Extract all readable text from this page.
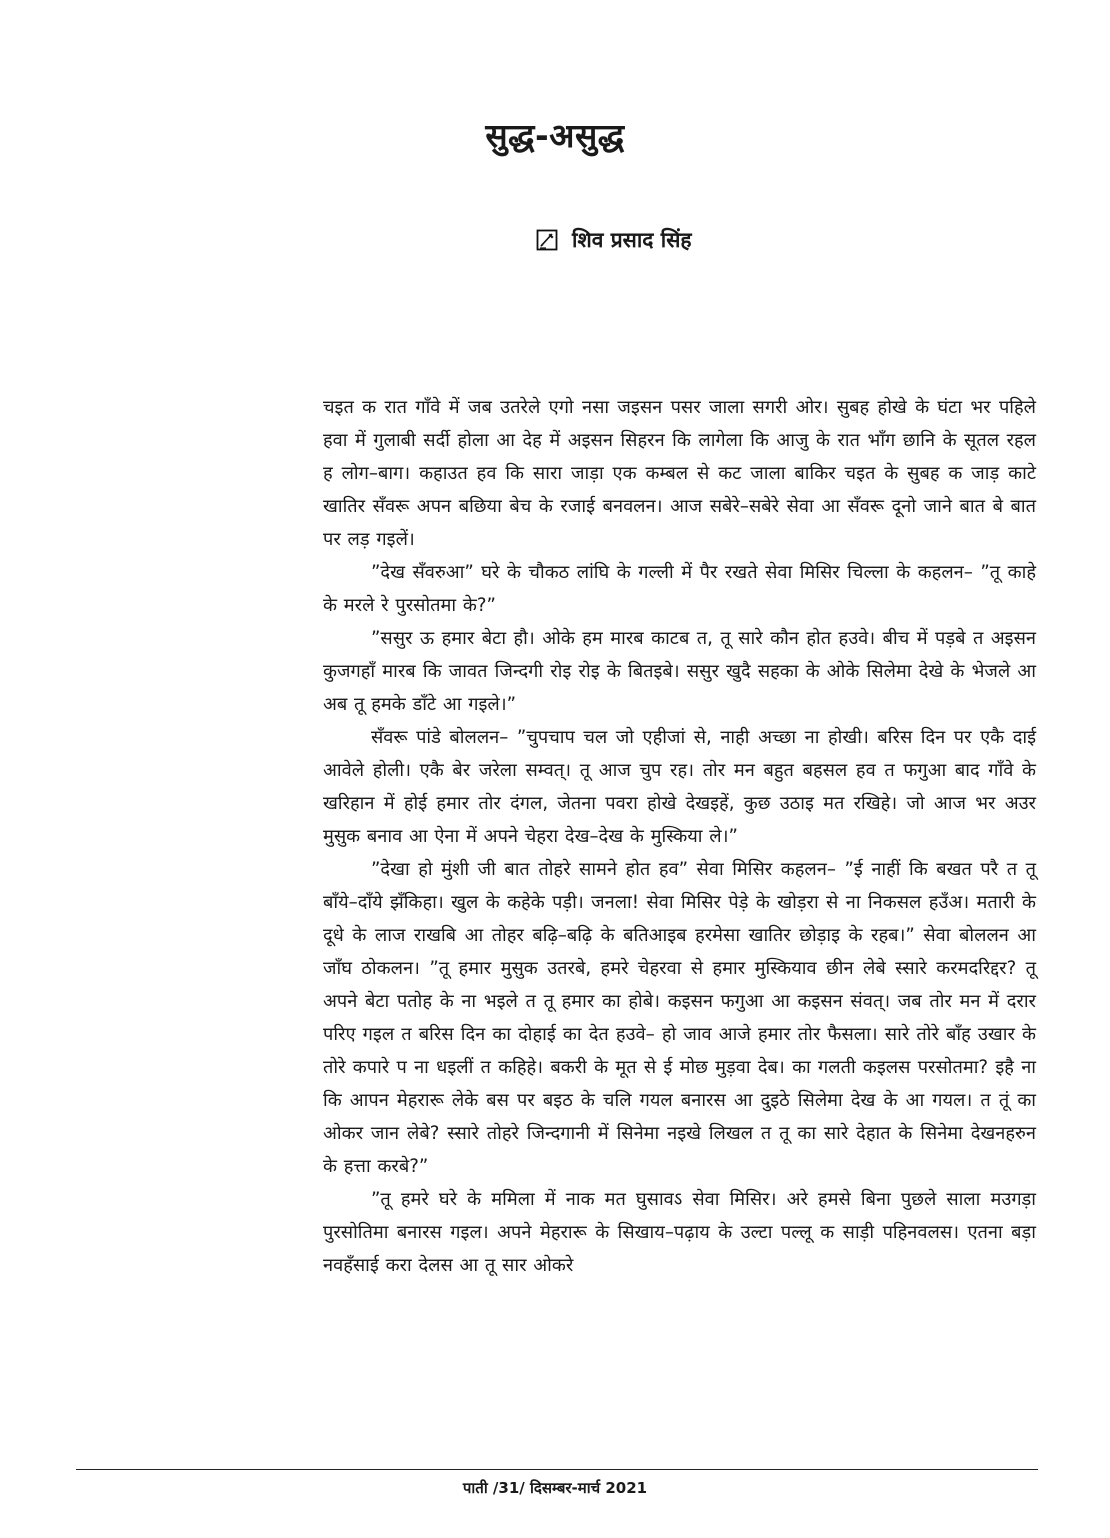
सुद्ध-असुद्ध
शिव प्रसाद सिंह

चइत क रात गाँवे में जब उतरेले एगो नसा जइसन पसर जाला सगरी ओर। सुबह होखे के घंटा भर पहिले हवा में गुलाबी सर्दी होला आ देह में अइसन सिहरन कि लागेला कि आजु के रात भाँग छानि के सूतल रहल ह लोग–बाग। कहाउत हव कि सारा जाड़ा एक कम्बल से कट जाला बाकिर चइत के सुबह क जाड़ काटे खातिर सँवरू अपन बछिया बेच के रजाई बनवलन। आज सबेरे–सबेरे सेवा आ सँवरू दूनो जाने बात बे बात पर लड़ गइलें।

”देख सँवरुआ” घरे के चौकठ लांघि के गल्ली में पैर रखते सेवा मिसिर चिल्ला के कहलन– ”तू काहे के मरले रे पुरसोतमा के?”

”ससुर ऊ हमार बेटा हौ। ओके हम मारब काटब त, तू सारे कौन होत हउवे। बीच में पड़बे त अइसन कुजगहाँ मारब कि जावत जिन्दगी रोइ रोइ के बितइबे। ससुर खुदै सहका के ओके सिलेमा देखे के भेजले आ अब तू हमके डाँटे आ गइले।”

सँवरू पांडे बोललन– ”चुपचाप चल जो एहीजां से, नाही अच्छा ना होखी। बरिस दिन पर एकै दाई आवेले होली। एकै बेर जरेला सम्वत्। तू आज चुप रह। तोर मन बहुत बहसल हव त फगुआ बाद गाँवे के खरिहान में होई हमार तोर दंगल, जेतना पवरा होखे देखइहें, कुछ उठाइ मत रखिहे। जो आज भर अउर मुसुक बनाव आ ऐना में अपने चेहरा देख–देख के मुस्किया ले।”

”देखा हो मुंशी जी बात तोहरे सामने होत हव” सेवा मिसिर कहलन– ”ई नाहीं कि बखत परै त तू बाँये–दाँये झँकिहा। खुल के कहेके पड़ी। जनला! सेवा मिसिर पेड़े के खोड़रा से ना निकसल हउँअ। मतारी के दूधे के लाज राखबि आ तोहर बढ़ि–बढ़ि के बतिआइब हरमेसा खातिर छोड़ाइ के रहब।” सेवा बोललन आ जाँघ ठोकलन। ”तू हमार मुसुक उतरबे, हमरे चेहरवा से हमार मुस्कियाव छीन लेबे स्सारे करमदरिद्दर? तू अपने बेटा पतोह के ना भइले त तू हमार का होबे। कइसन फगुआ आ कइसन संवत्। जब तोर मन में दरार परिए गइल त बरिस दिन का दोहाई का देत हउवे– हो जाव आजे हमार तोर फैसला। सारे तोरे बाँह उखार के तोरे कपारे प ना धइलीं त कहिहे। बकरी के मूत से ई मोछ मुड़वा देब। का गलती कइलस परसोतमा? इहै ना कि आपन मेहरारू लेके बस पर बइठ के चलि गयल बनारस आ दुइठे सिलेमा देख के आ गयल। त तूं का ओकर जान लेबे? स्सारे तोहरे जिन्दगानी में सिनेमा नइखे लिखल त तू का सारे देहात के सिनेमा देखनहरुन के हत्ता करबे?”

”तू हमरे घरे के ममिला में नाक मत घुसावऽ सेवा मिसिर। अरे हमसे बिना पुछले साला मउगड़ा पुरसोतिमा बनारस गइल। अपने मेहरारू के सिखाय–पढ़ाय के उल्टा पल्लू क साड़ी पहिनवलस। एतना बड़ा नवहँसाई करा देलस आ तू सार ओकरे

पाती /31/ दिसम्बर-मार्च 2021
